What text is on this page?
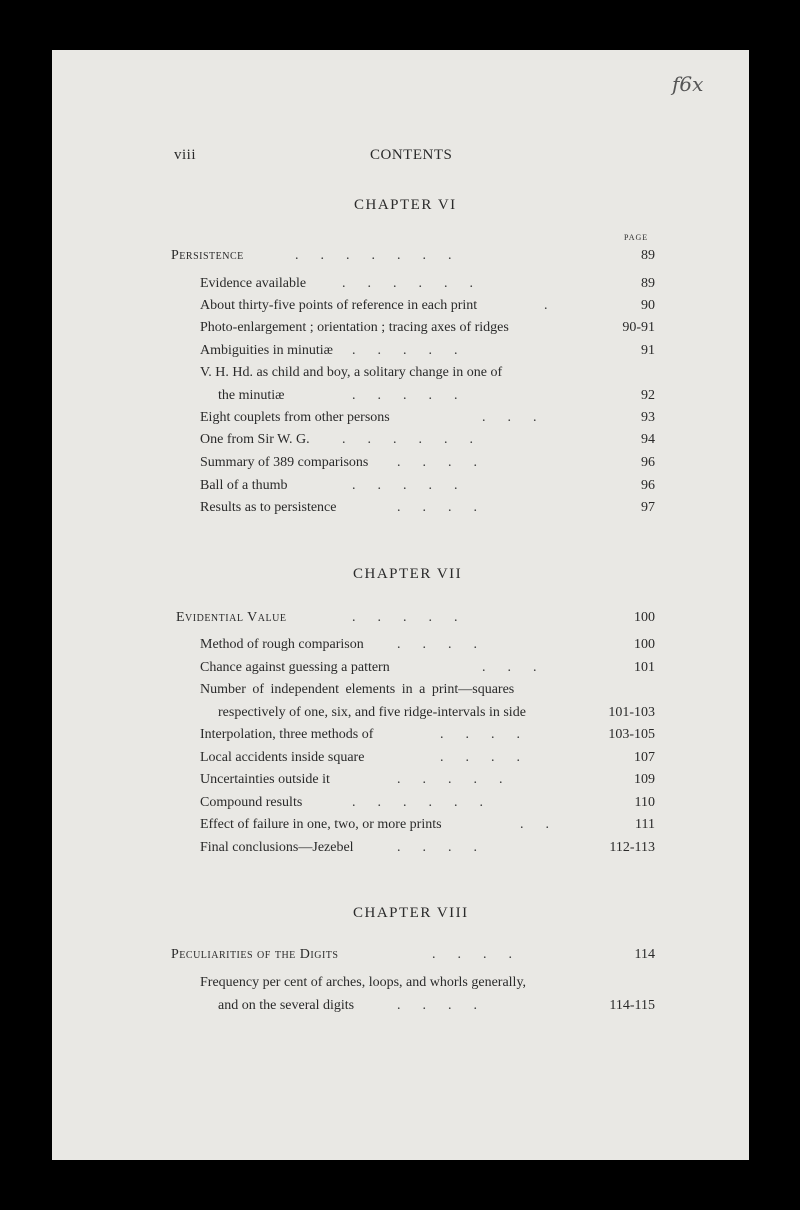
f6x
viii	CONTENTS
CHAPTER VI
PAGE
Persistence	.......	89
Evidence available	......	89
About thirty-five points of reference in each print	.	90
Photo-enlargement ; orientation ; tracing axes of ridges	90-91
Ambiguities in minutiæ .....	91
V. H. Hd. as child and boy, a solitary change in one of
the minutiæ	.....	92
Eight couplets from other persons	...	93
One from Sir W. G. ......	94
Summary of 389 comparisons ....	96
Ball of a thumb	.....	96
Results as to persistence	....	97
CHAPTER VII
Evidential Value	.....	100
Method of rough comparison ....	100
Chance against guessing a pattern	...	101
Number of independent elements in a print—squares
respectively of one, six, and five ridge-intervals in side	101-103
Interpolation, three methods of	....	103-105
Local accidents inside square	....	107
Uncertainties outside it	.....	109
Compound results	......	110
Effect of failure in one, two, or more prints	..	111
Final conclusions—Jezebel	....	112-113
CHAPTER VIII
Peculiarities of the Digits	....	114
Frequency per cent of arches, loops, and whorls generally,
and on the several digits	....	114-115
